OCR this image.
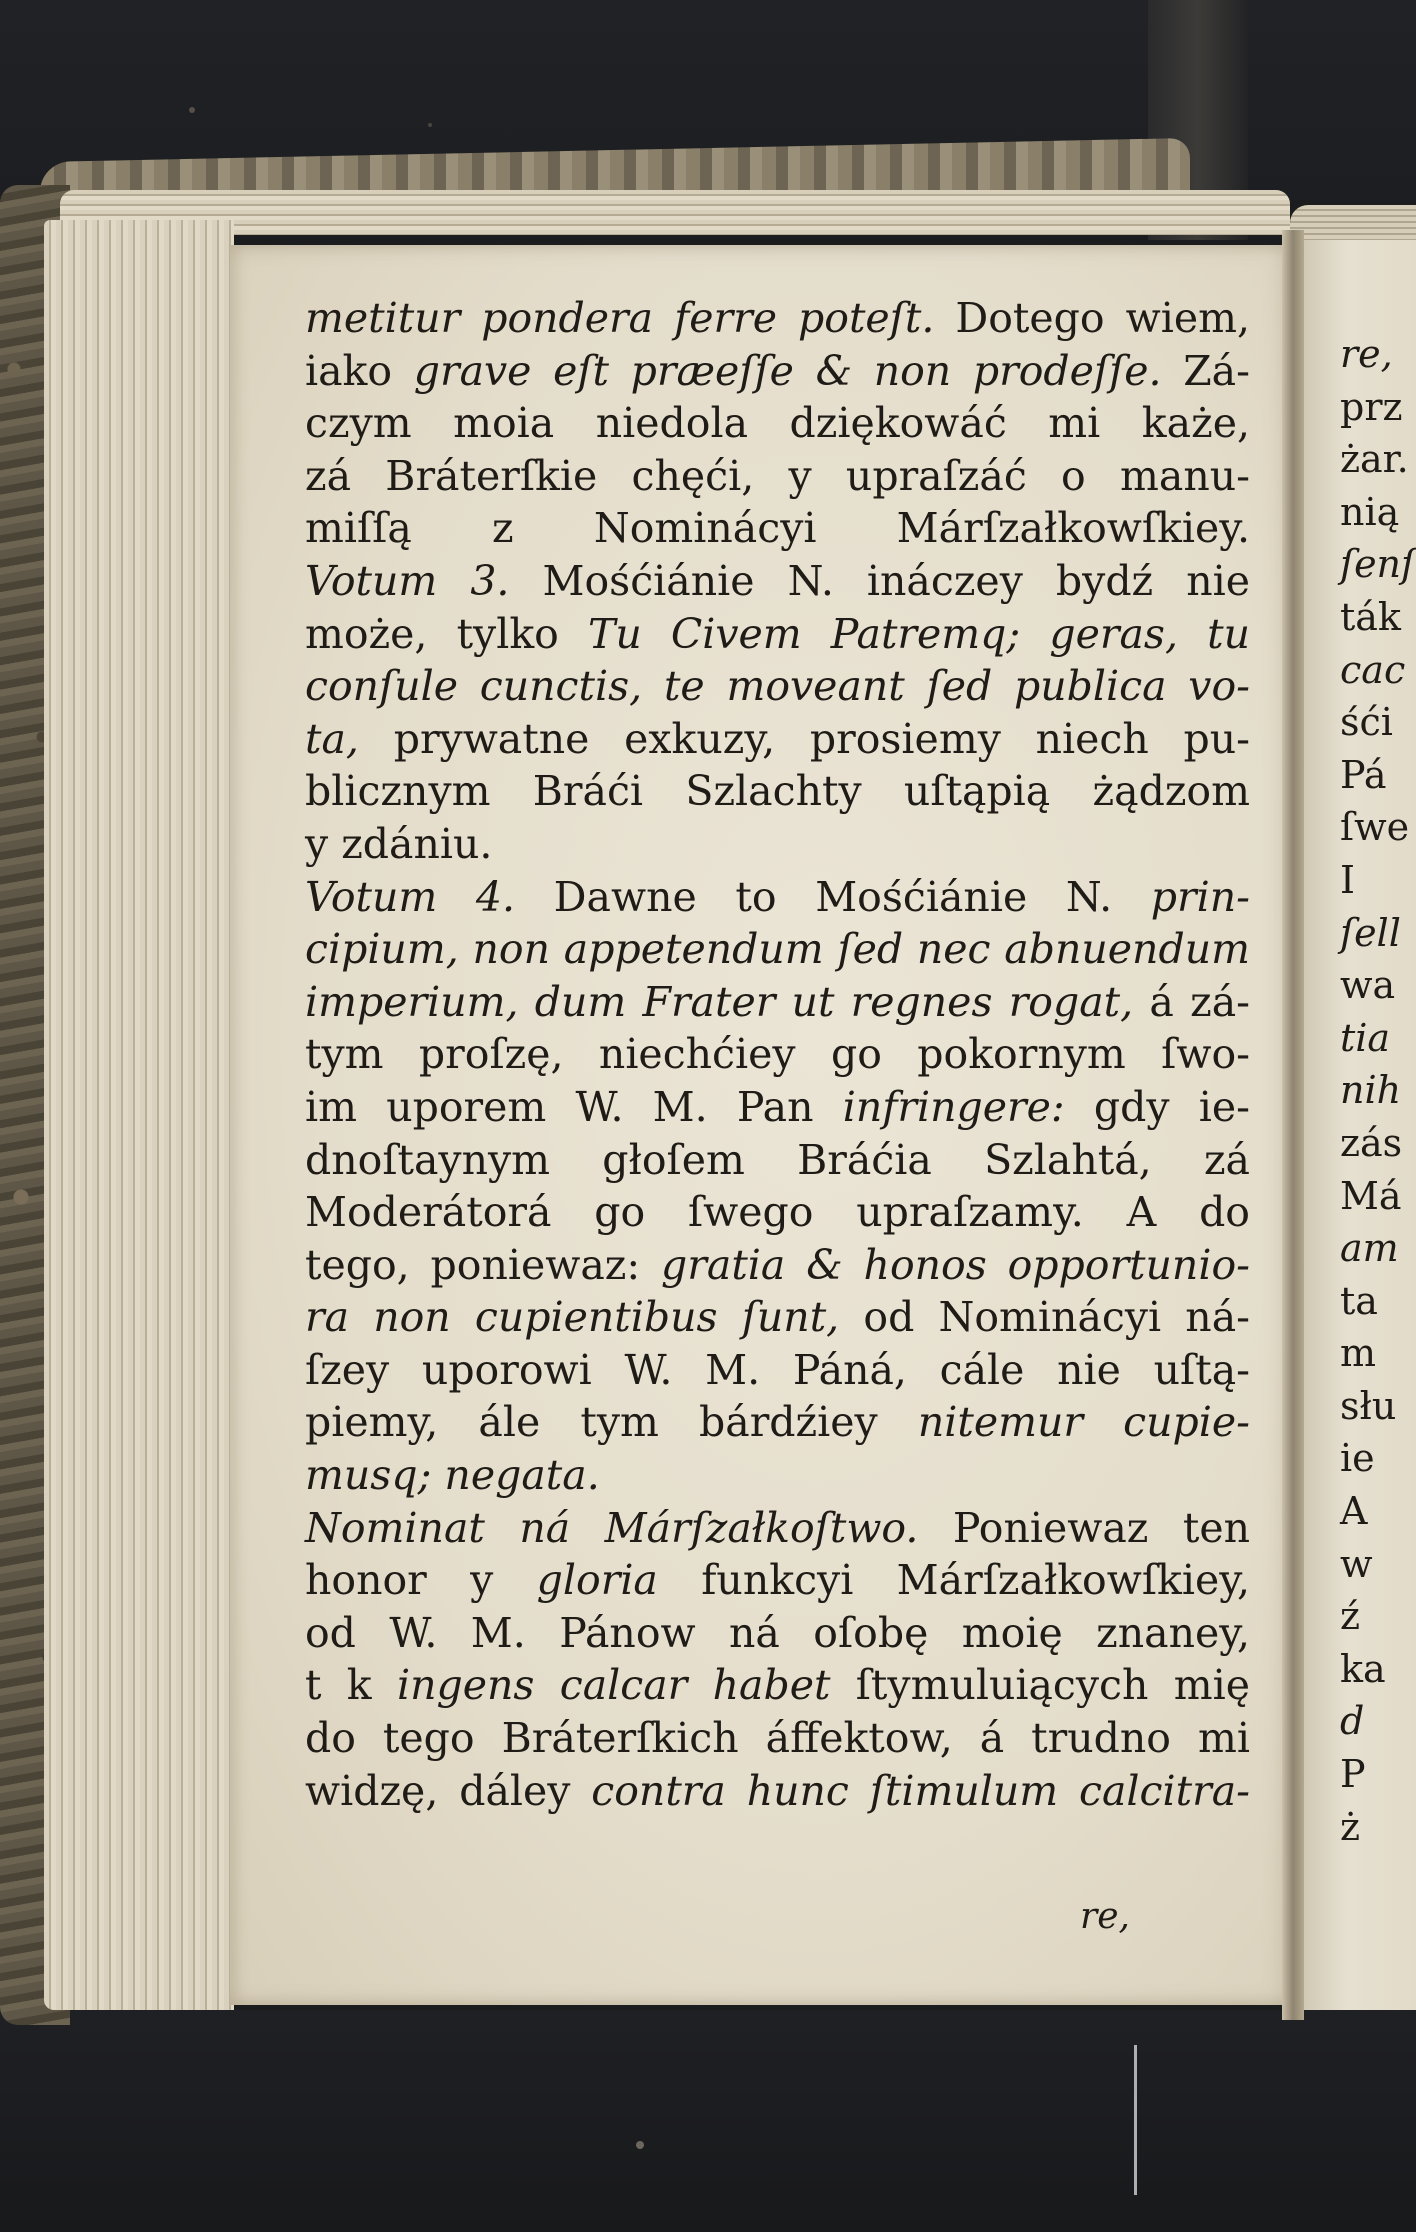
metitur pondera ferre poteſt. Dotego wiem,
iako grave eſt præeſſe & non prodeſſe. Zá-
czym moia niedola dziękowáć mi każe,
zá Bráterſkie chęći, y upraſzáć o manu-
miſſą z Nominácyi Márſzałkowſkiey.
Votum 3. Mośćiánie N. ináczey bydź nie
może, tylko Tu Civem Patremq; geras, tu
conſule cunctis, te moveant ſed publica vo-
ta, prywatne exkuzy, prosiemy niech pu-
blicznym Bráći Szlachty uſtąpią żądzom
y zdániu.
Votum 4. Dawne to Mośćiánie N. prin-
cipium, non appetendum ſed nec abnuendum
imperium, dum Frater ut regnes rogat, á zá-
tym proſzę, niechćiey go pokornym ſwo-
im uporem W. M. Pan infringere: gdy ie-
dnoſtaynym głoſem Bráćia Szlahtá, zá
Moderátorá go ſwego upraſzamy. A do
tego, poniewaz: gratia & honos opportunio-
ra non cupientibus ſunt, od Nominácyi ná-
ſzey uporowi W. M. Páná, cále nie uſtą-
piemy, ále tym bárdźiey nitemur cupie-
musq; negata.
Nominat ná Márſzałkoſtwo. Poniewaz ten
honor y gloria funkcyi Márſzałkowſkiey,
od W. M. Pánow ná oſobę moię znaney,
t k ingens calcar habet ſtymuluiących mię
do tego Bráterſkich áffektow, á trudno mi
widzę, dáley contra hunc ſtimulum calcitra-
re,
re,
prz
żar.
nią
ſenſ
ták
cac
śći
Pá
ſwe
I
ſell
wa
tia
nih
zás
Má
am
ta
m
słu
ie
A
w
ź
ka
d
P
ż
